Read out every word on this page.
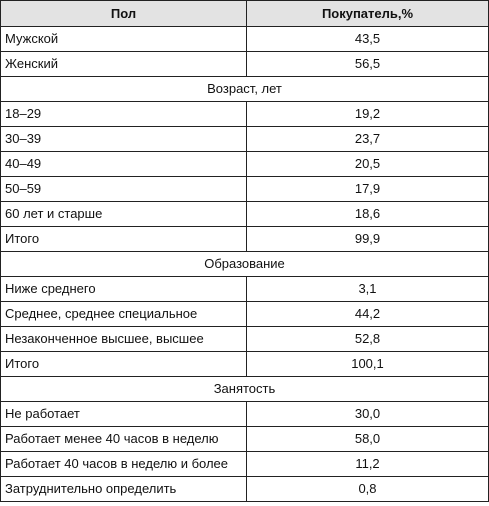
Пол	Покупатель,%
Мужской	43,5
Женский	56,5
Возраст, лет	
18–29	19,2
30–39	23,7
40–49	20,5
50–59	17,9
60 лет и старше	18,6
Итого	99,9
Образование	
Ниже среднего	3,1
Среднее, среднее специальное	44,2
Незаконченное высшее, высшее	52,8
Итого	100,1
Занятость	
Не работает	30,0
Работает менее 40 часов в неделю	58,0
Работает 40 часов в неделю и более	11,2
Затруднительно определить	0,8
